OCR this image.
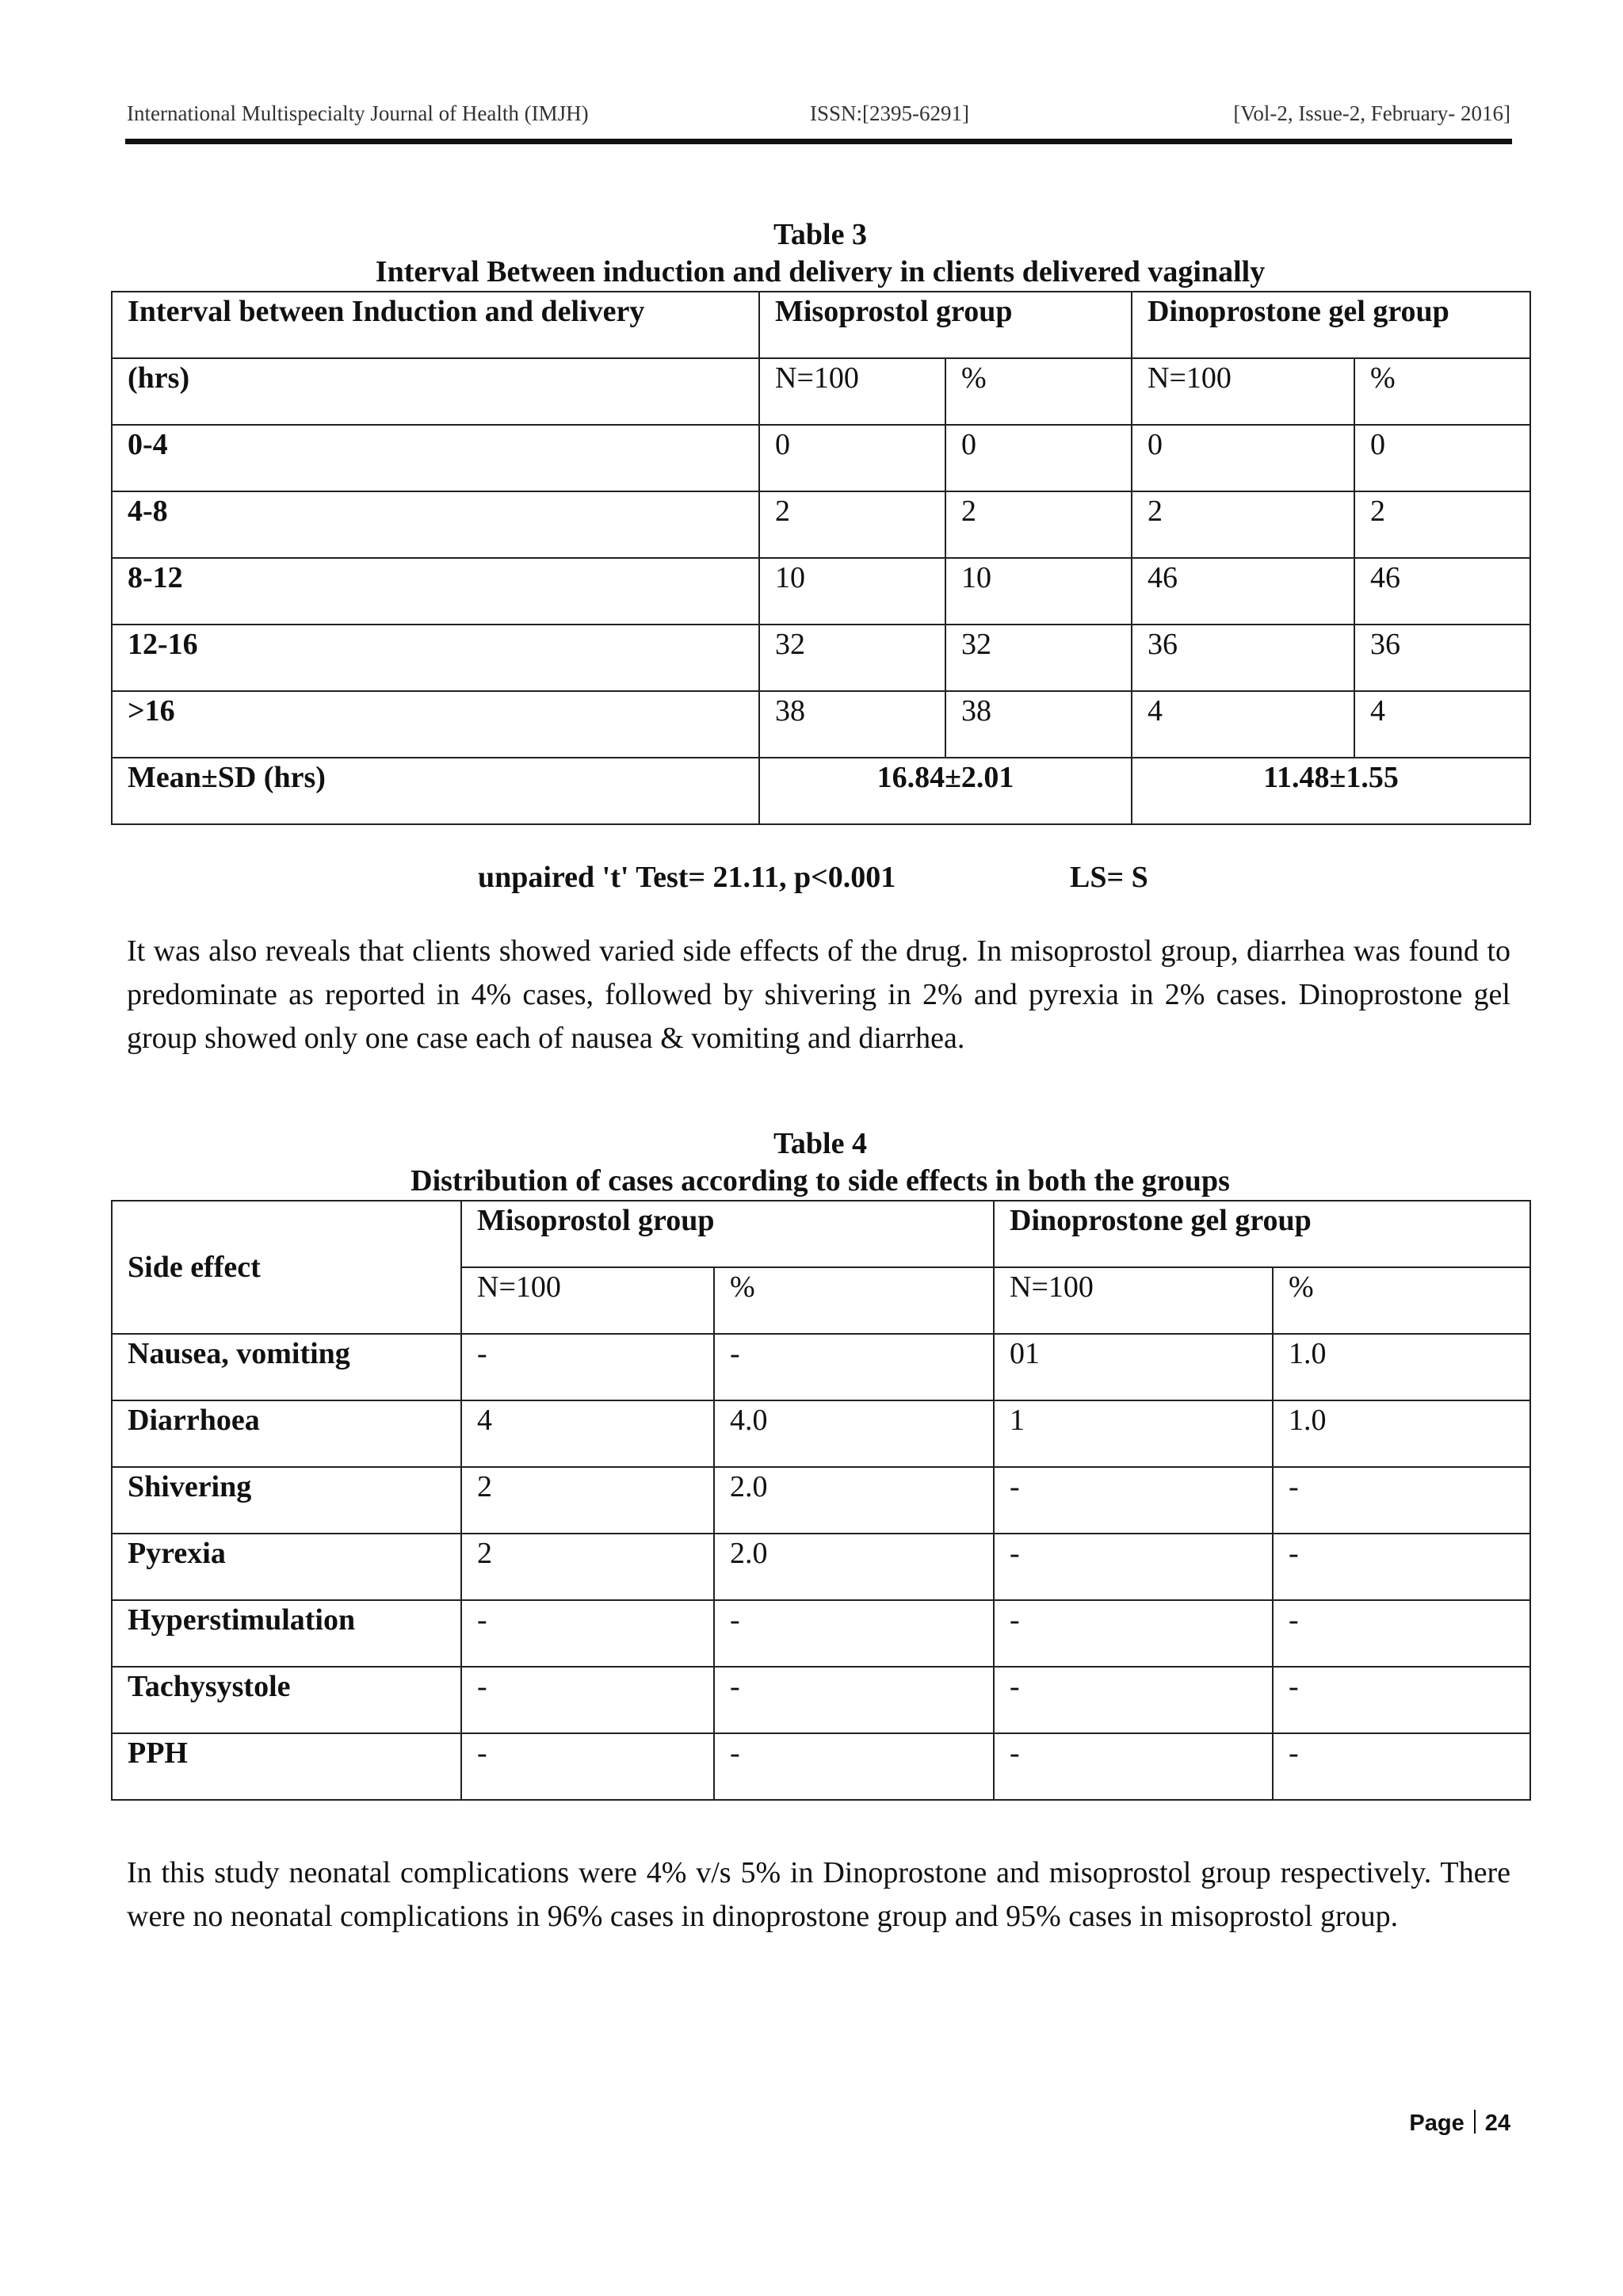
International Multispecialty Journal of Health (IMJH)	ISSN:[2395-6291]	[Vol-2, Issue-2, February- 2016]
Table 3
Interval Between induction and delivery in clients delivered vaginally
Interval between Induction and delivery	Misoprostol group		Dinoprostone gel group	
(hrs)	N=100	%	N=100	%
0-4	0	0	0	0
4-8	2	2	2	2
8-12	10	10	46	46
12-16	32	32	36	36
>16	38	38	4	4
Mean±SD (hrs)	16.84±2.01		11.48±1.55	
unpaired 't' Test= 21.11, p<0.001	LS= S
It was also reveals that clients showed varied side effects of the drug. In misoprostol group, diarrhea was found to predominate as reported in 4% cases, followed by shivering in 2% and pyrexia in 2% cases. Dinoprostone gel group showed only one case each of nausea & vomiting and diarrhea.
Table 4
Distribution of cases according to side effects in both the groups
Side effect	Misoprostol group		Dinoprostone gel group	
	N=100	%	N=100	%
Nausea, vomiting	-	-	01	1.0
Diarrhoea	4	4.0	1	1.0
Shivering	2	2.0	-	-
Pyrexia	2	2.0	-	-
Hyperstimulation	-	-	-	-
Tachysystole	-	-	-	-
PPH	-	-	-	-
In this study neonatal complications were 4% v/s 5% in Dinoprostone and misoprostol group respectively. There were no neonatal complications in 96% cases in dinoprostone group and 95% cases in misoprostol group.
Page 24
